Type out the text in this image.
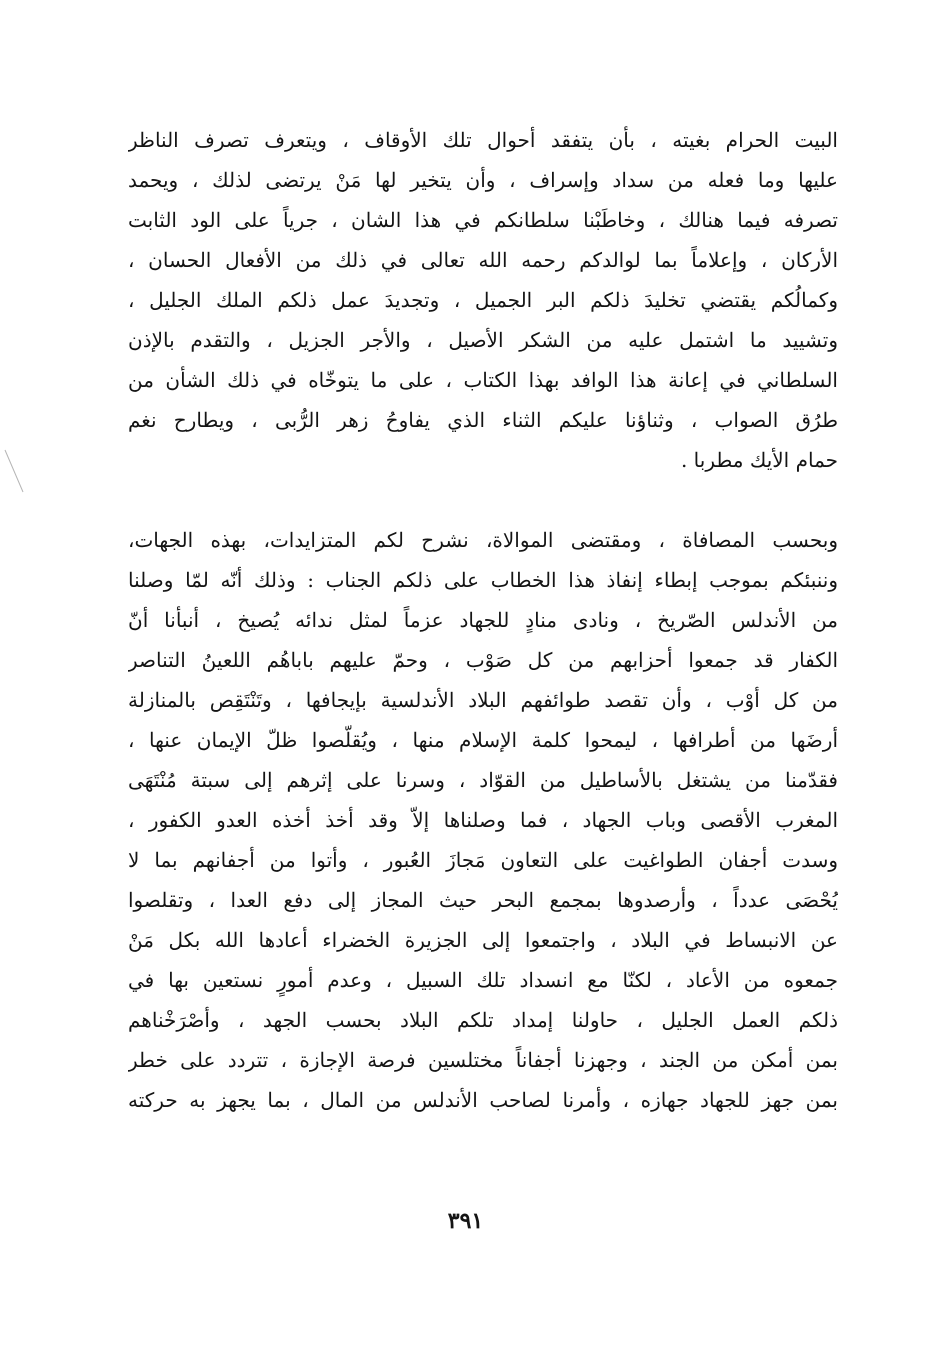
البيت الحرام بغيته ، بأن يتفقد أحوال تلك الأوقاف ، ويتعرف تصرف الناظر
عليها وما فعله من سداد وإسراف ، وأن يتخير لها مَنْ يرتضى لذلك ، ويحمد
تصرفه فيما هنالك ، وخاطَبْنا سلطانكم في هذا الشان ، جرياً على الود الثابت
الأركان ، وإعلاماً بما لوالدكم رحمه الله تعالى في ذلك من الأفعال الحسان ،
وكمالُكم يقتضي تخليدَ ذلكم البر الجميل ، وتجديدَ عمل ذلكم الملك الجليل ،
وتشييد ما اشتمل عليه من الشكر الأصيل ، والأجر الجزيل ، والتقدم بالإذن
السلطاني في إعانة هذا الوافد بهذا الكتاب ، على ما يتوخّاه في ذلك الشأن من
طرُق الصواب ، وثناؤنا عليكم الثناء الذي يفاوحُ زهر الرُّبى ، ويطارح نغم
حمام الأيك مطربا .
وبحسب المصافاة ، ومقتضى الموالاة، نشرح لكم المتزايدات، بهذه الجهات،
وننبئكم بموجب إبطاء إنفاذ هذا الخطاب على ذلكم الجناب : وذلك أنّه لمّا وصلنا
من الأندلس الصّريخ ، ونادى منادٍ للجهاد عزماً لمثل ندائه يُصيخ ، أنبأنا أنّ
الكفار قد جمعوا أحزابهم من كل صَوْب ، وحمّ عليهم باباهُم اللعينُ التناصر
من كل أوْب ، وأن تقصد طوائفهم البلاد الأندلسية بإيجافها ، وتَنْتَقِص بالمنازلة
أرضَها من أطرافها ، ليمحوا كلمة الإسلام منها ، ويُقلّصوا ظلّ الإيمان عنها ،
فقدّمنا من يشتغل بالأساطيل من القوّاد ، وسرنا على إثرهم إلى سبتة مُنْتَهَى
المغرب الأقصى وباب الجهاد ، فما وصلناها إلاّ وقد أخذ أخذه العدو الكفور ،
وسدت أجفان الطواغيت على التعاون مَجازَ العُبور ، وأتوا من أجفانهم بما لا
يُحْصَى عدداً ، وأرصدوها بمجمع البحر حيث المجاز إلى دفع العدا ، وتقلصوا
عن الانبساط في البلاد ، واجتمعوا إلى الجزيرة الخضراء أعادها الله بكل مَنْ
جمعوه من الأعاد ، لكنّا مع انسداد تلك السبيل ، وعدم أمورٍ نستعين بها في
ذلكم العمل الجليل ، حاولنا إمداد تلكم البلاد بحسب الجهد ، وأصْرَخْناهم
بمن أمكن من الجند ، وجهزنا أجفاناً مختلسين فرصة الإجازة ، تتردد على خطر
بمن جهز للجهاد جهازه ، وأمرنا لصاحب الأندلس من المال ، بما يجهز به حركته
٣٩١
